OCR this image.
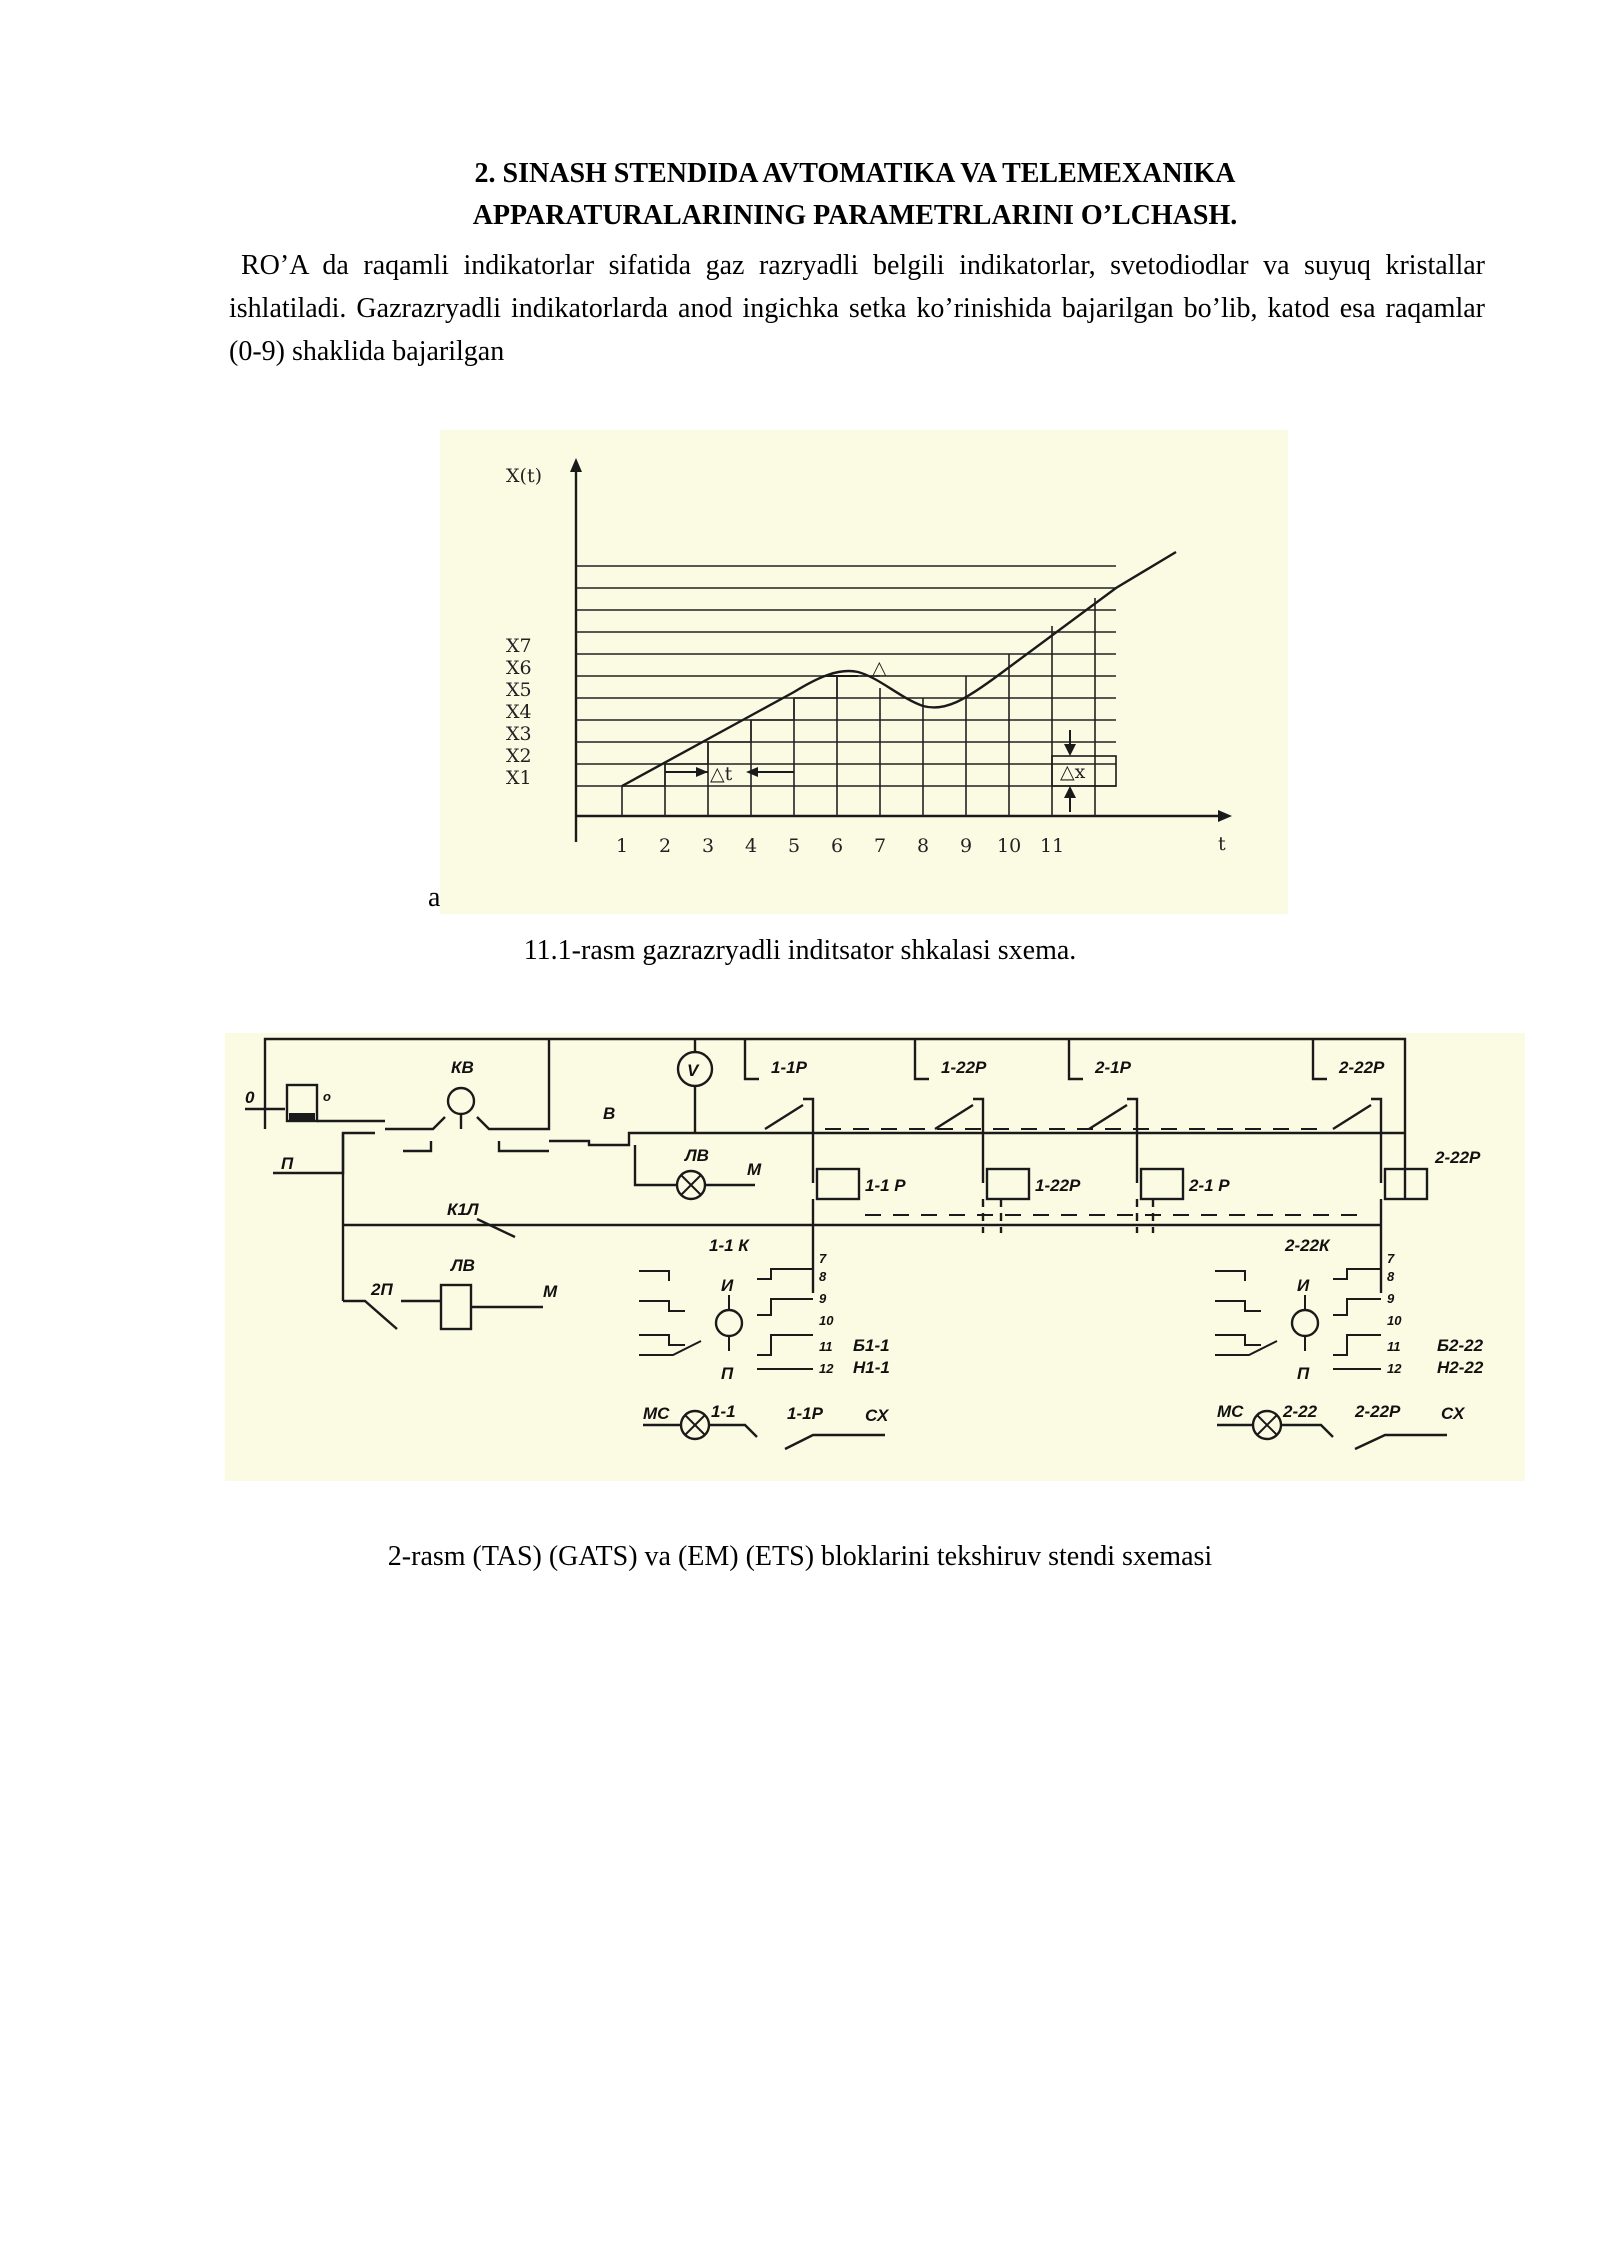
2. SINASH STENDIDA AVTOMATIKA VA TELEMEXANIKA
APPARATURALARINING PARAMETRLARINI O’LCHASH.
RO’A da raqamli indikatorlar sifatida gaz razryadli belgili indikatorlar, svetodiodlar va suyuq kristallar ishlatiladi. Gazrazryadli indikatorlarda anod ingichka setka ko’rinishida bajarilgan bo’lib, katod esa raqamlar (0-9) shaklida bajarilgan
X(t)
t
X7
X6
X5
X4
X3
X2
X1	△t
△
△x
1 2 3 4 5 6 7 8 9 10 11
a
11.1-rasm gazrazryadli inditsator shkalasi sxema.
0	о
П
КВ
В
V
ЛВ
М
1-1Р	1-22Р	2-1Р	2-22Р
1-1 Р	1-22Р	2-1 Р
2-22Р
К1Л
2П
ЛВ
М
1-1 К
И
П
7
8
9
10
11
12
Б1-1
Н1-1
2-22К
И
П
7
8
9
10
11
12
Б2-22
Н2-22
МС 1-1	1-1Р СХ	МС 2-22 2-22Р СХ
2-rasm (TAS) (GATS) va (EM) (ETS) bloklarini tekshiruv stendi sxemasi
